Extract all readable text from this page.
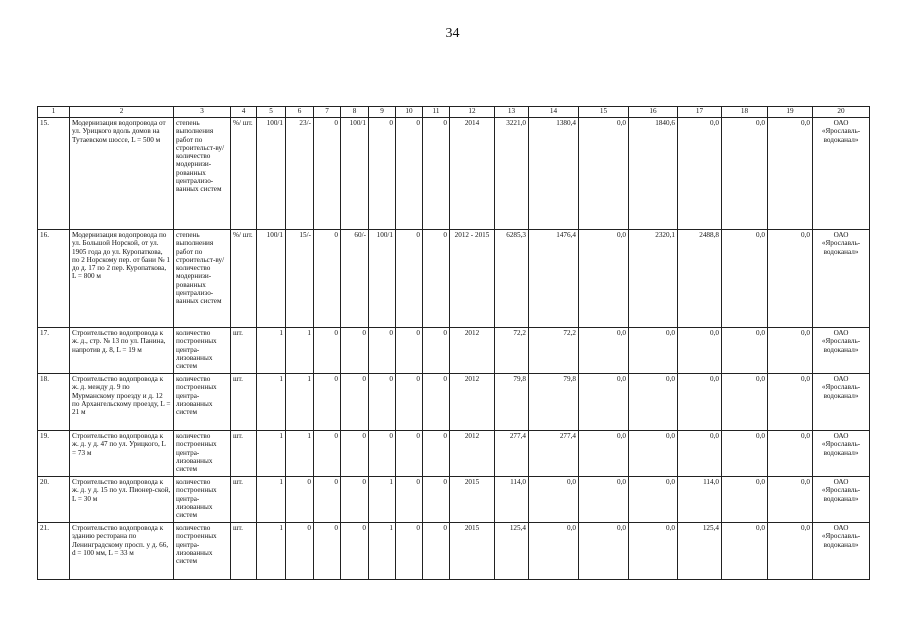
34
1	2	3	4	5	6	7	8	9	10	11	12	13	14	15	16	17	18	19	20
15.	Модернизация водопровода от ул. Урицкого вдоль домов на Тутаевском шоссе, L = 500 м	степень выполнения работ по строительст-ву/количество модернизи-рованных централизо-ванных систем	%/ шт.	100/1	23/-	0	100/1	0	0	0	2014	3221,0	1380,4	0,0	1840,6	0,0	0,0	0,0	ОАО «Ярославль-водоканал»
16.	Модернизация водопровода по ул. Большой Норской, от ул. 1905 года до ул. Куропаткова, по 2 Норскому пер. от бани № 1 до д. 17 по 2 пер. Куропаткова, L = 800 м	степень выполнения работ по строительст-ву/количество модернизи-рованных централизо-ванных систем	%/ шт.	100/1	15/-	0	60/-	100/1	0	0	2012 - 2015	6285,3	1476,4	0,0	2320,1	2488,8	0,0	0,0	ОАО «Ярославль-водоканал»
17.	Строительство водопровода к ж. д., стр. № 13 по ул. Панина, напротив д. 8, L = 19 м	количество построенных центра-лизованных систем	шт.	1	1	0	0	0	0	0	2012	72,2	72,2	0,0	0,0	0,0	0,0	0,0	ОАО «Ярославль-водоканал»
18.	Строительство водопровода к ж. д. между д. 9 по Мурманскому проезду и д. 12 по Архангельскому проезду, L = 21 м	количество построенных центра-лизованных систем	шт.	1	1	0	0	0	0	0	2012	79,8	79,8	0,0	0,0	0,0	0,0	0,0	ОАО «Ярославль-водоканал»
19.	Строительство водопровода к ж. д. у д. 47 по ул. Урицкого, L = 73 м	количество построенных центра-лизованных систем	шт.	1	1	0	0	0	0	0	2012	277,4	277,4	0,0	0,0	0,0	0,0	0,0	ОАО «Ярославль-водоканал»
20.	Строительство водопровода к ж. д. у д. 15 по ул. Пионер-ской, L = 30 м	количество построенных центра-лизованных систем	шт.	1	0	0	0	1	0	0	2015	114,0	0,0	0,0	0,0	114,0	0,0	0,0	ОАО «Ярославль-водоканал»
21.	Строительство водопровода к зданию ресторана по Ленинградскому просп. у д. 66, d = 100 мм, L = 33 м	количество построенных центра-лизованных систем	шт.	1	0	0	0	1	0	0	2015	125,4	0,0	0,0	0,0	125,4	0,0	0,0	ОАО «Ярославль-водоканал»
